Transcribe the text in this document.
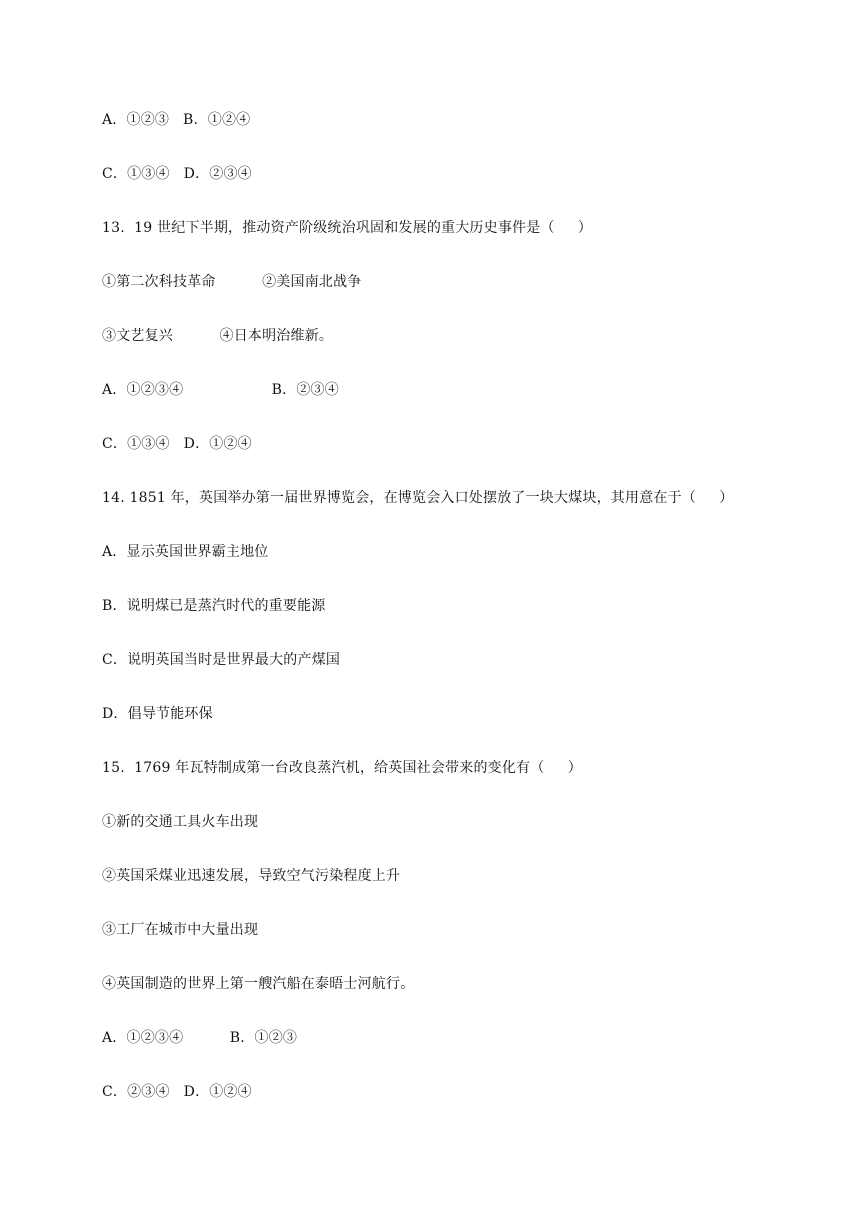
A．①②③   B．①②④
C．①③④   D．②③④
13.  19 世纪下半期，推动资产阶级统治巩固和发展的重大历史事件是（     ）
①第二次科技革命          ②美国南北战争
③文艺复兴          ④日本明治维新。
A．①②③④                   B．②③④
C．①③④   D．①②④
14. 1851 年，英国举办第一届世界博览会，在博览会入口处摆放了一块大煤块，其用意在于（     ）
A．显示英国世界霸主地位
B．说明煤已是蒸汽时代的重要能源
C．说明英国当时是世界最大的产煤国
D．倡导节能环保
15.  1769 年瓦特制成第一台改良蒸汽机，给英国社会带来的变化有（     ）
①新的交通工具火车出现
②英国采煤业迅速发展，导致空气污染程度上升
③工厂在城市中大量出现
④英国制造的世界上第一艘汽船在泰晤士河航行。
A．①②③④          B．①②③
C．②③④   D．①②④
